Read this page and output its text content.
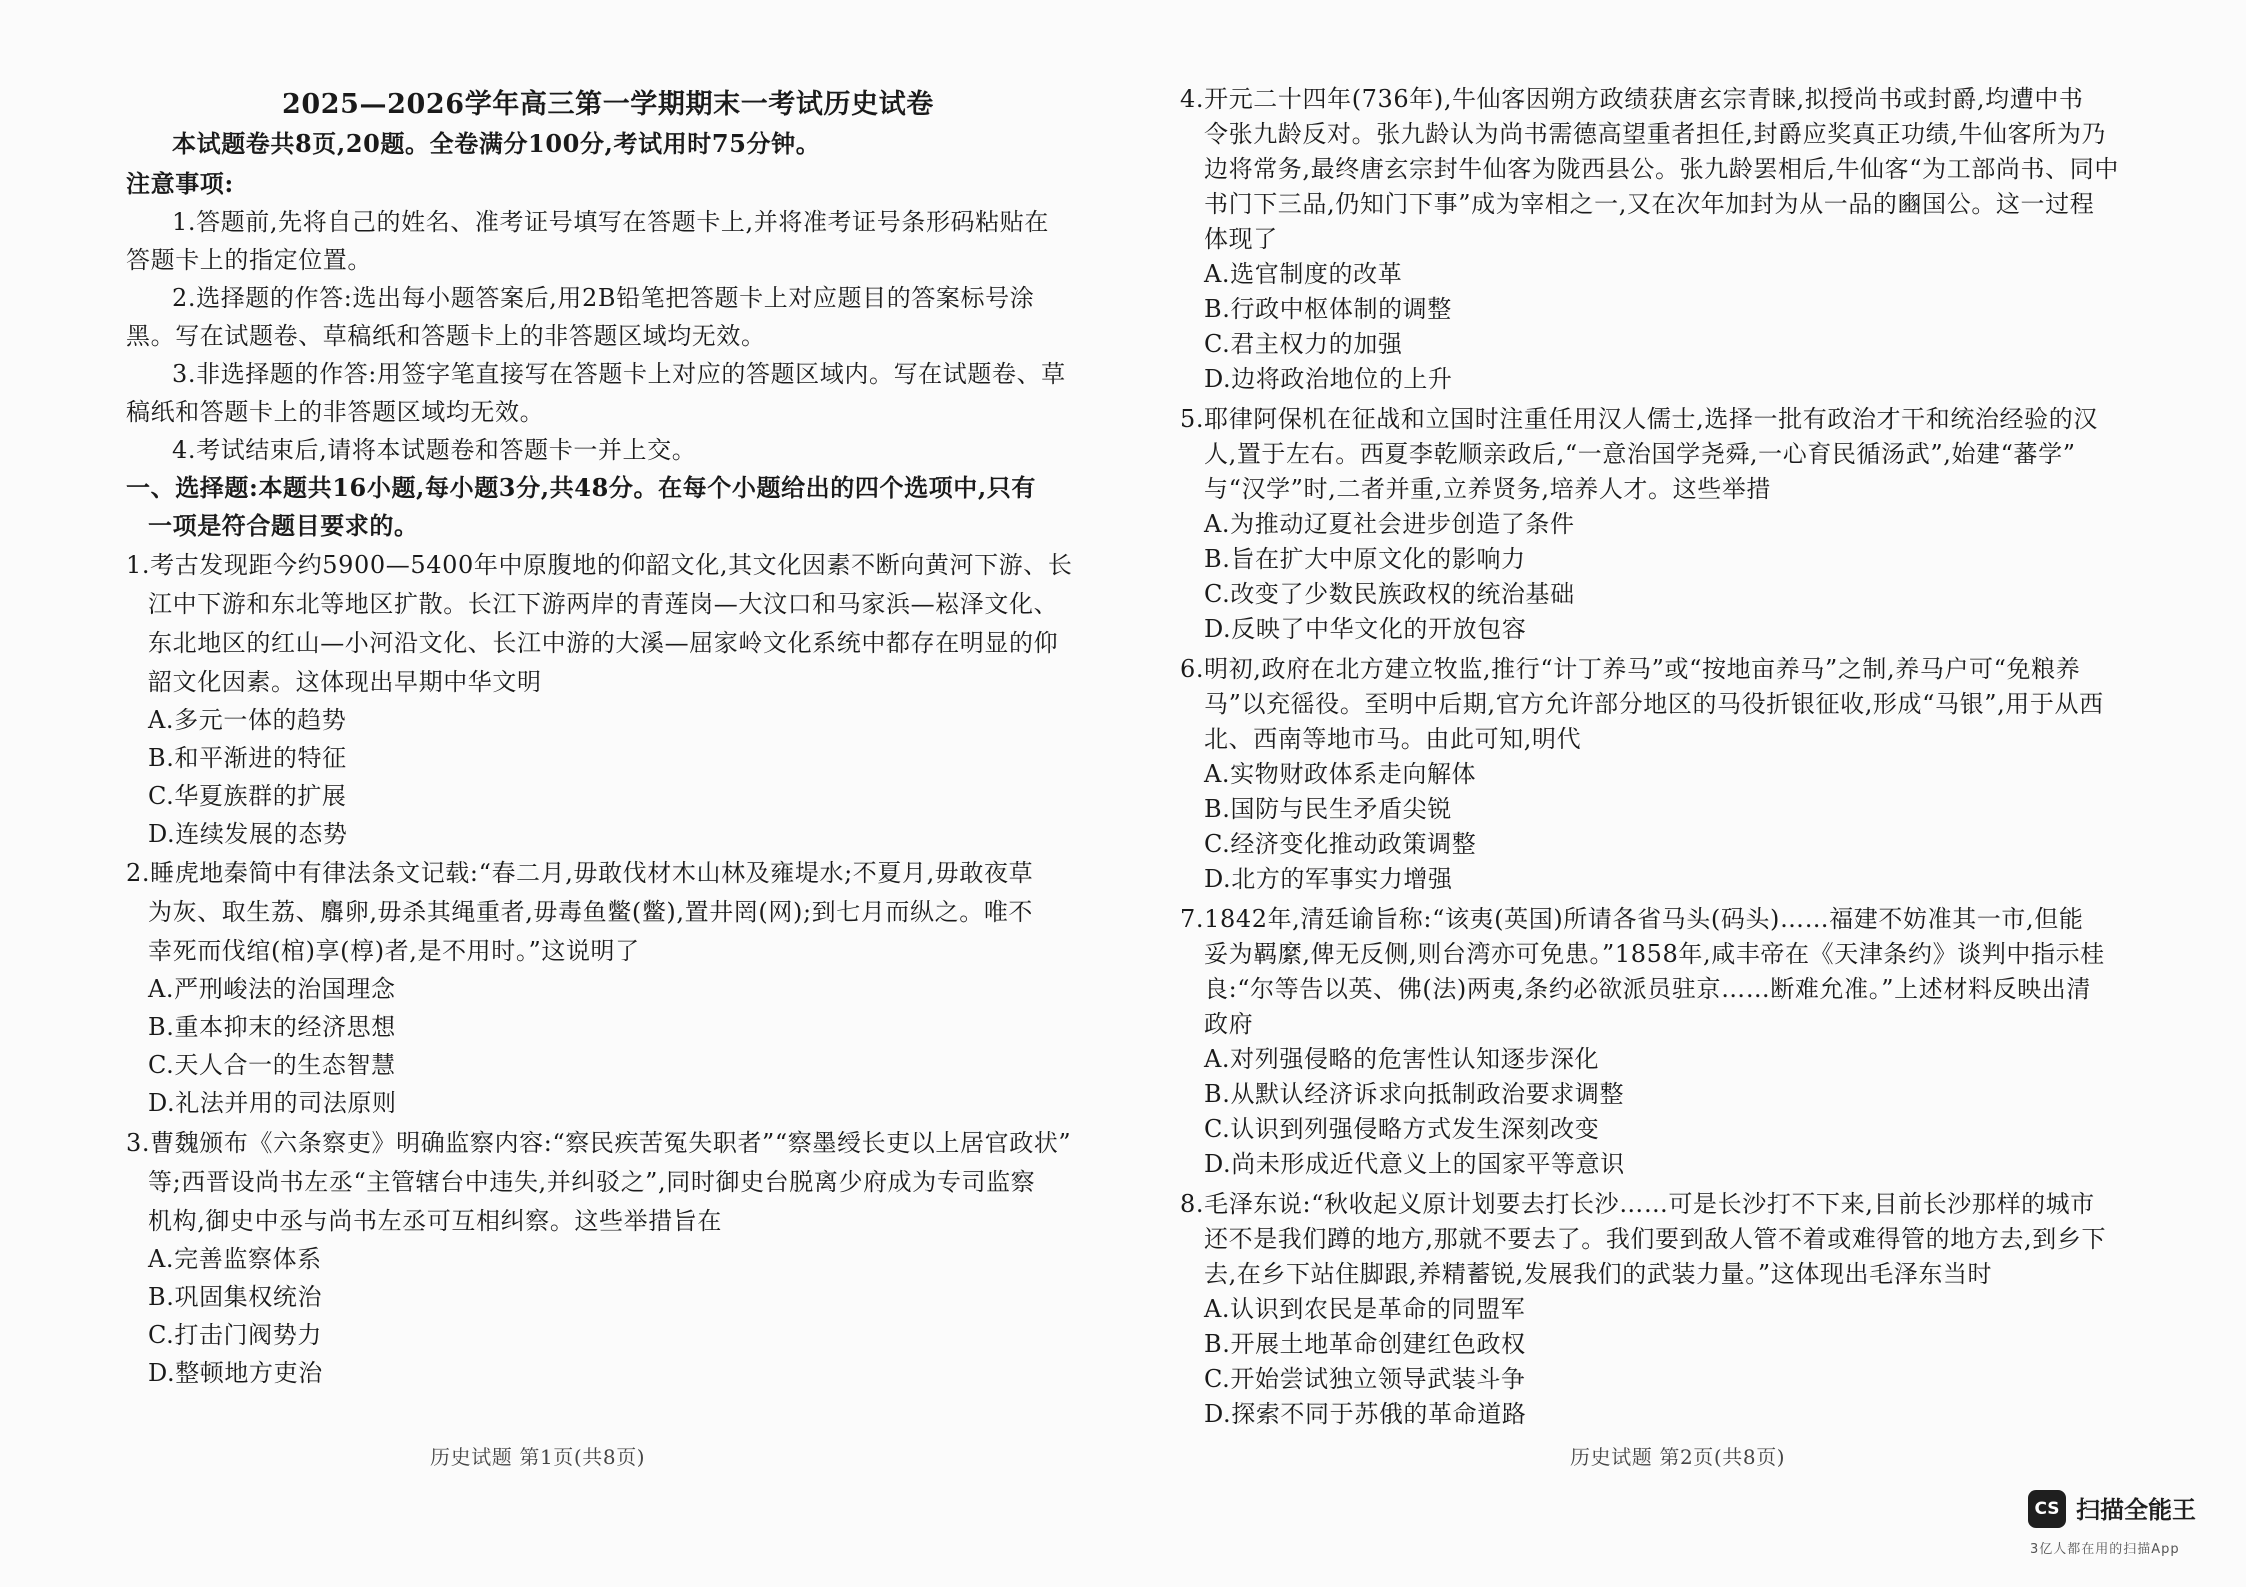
2025—2026学年高三第一学期期末一考试历史试卷
本试题卷共8页,20题。全卷满分100分,考试用时75分钟。
注意事项:
1.答题前,先将自己的姓名、准考证号填写在答题卡上,并将准考证号条形码粘贴在
答题卡上的指定位置。
2.选择题的作答:选出每小题答案后,用2B铅笔把答题卡上对应题目的答案标号涂
黑。写在试题卷、草稿纸和答题卡上的非答题区域均无效。
3.非选择题的作答:用签字笔直接写在答题卡上对应的答题区域内。写在试题卷、草
稿纸和答题卡上的非答题区域均无效。
4.考试结束后,请将本试题卷和答题卡一并上交。
一、选择题:本题共16小题,每小题3分,共48分。在每个小题给出的四个选项中,只有
一项是符合题目要求的。
1.考古发现距今约5900—5400年中原腹地的仰韶文化,其文化因素不断向黄河下游、长
江中下游和东北等地区扩散。长江下游两岸的青莲岗—大汶口和马家浜—崧泽文化、
东北地区的红山—小河沿文化、长江中游的大溪—屈家岭文化系统中都存在明显的仰
韶文化因素。这体现出早期中华文明
A.多元一体的趋势
B.和平渐进的特征
C.华夏族群的扩展
D.连续发展的态势
2.睡虎地秦简中有律法条文记载:“春二月,毋敢伐材木山林及雍堤水;不夏月,毋敢夜草
为灰、取生荔、麛卵,毋杀其绳重者,毋毒鱼鳖(鳖),置井罔(网);到七月而纵之。唯不
幸死而伐绾(棺)享(椁)者,是不用时。”这说明了
A.严刑峻法的治国理念
B.重本抑末的经济思想
C.天人合一的生态智慧
D.礼法并用的司法原则
3.曹魏颁布《六条察吏》明确监察内容:“察民疾苦冤失职者”“察墨绶长吏以上居官政状”
等;西晋设尚书左丞“主管辖台中违失,并纠驳之”,同时御史台脱离少府成为专司监察
机构,御史中丞与尚书左丞可互相纠察。这些举措旨在
A.完善监察体系
B.巩固集权统治
C.打击门阀势力
D.整顿地方吏治
历史试题 第1页(共8页)
4.开元二十四年(736年),牛仙客因朔方政绩获唐玄宗青睐,拟授尚书或封爵,均遭中书
令张九龄反对。张九龄认为尚书需德高望重者担任,封爵应奖真正功绩,牛仙客所为乃
边将常务,最终唐玄宗封牛仙客为陇西县公。张九龄罢相后,牛仙客“为工部尚书、同中
书门下三品,仍知门下事”成为宰相之一,又在次年加封为从一品的豳国公。这一过程
体现了
A.选官制度的改革
B.行政中枢体制的调整
C.君主权力的加强
D.边将政治地位的上升
5.耶律阿保机在征战和立国时注重任用汉人儒士,选择一批有政治才干和统治经验的汉
人,置于左右。西夏李乾顺亲政后,“一意治国学尧舜,一心育民循汤武”,始建“蕃学”
与“汉学”时,二者并重,立养贤务,培养人才。这些举措
A.为推动辽夏社会进步创造了条件
B.旨在扩大中原文化的影响力
C.改变了少数民族政权的统治基础
D.反映了中华文化的开放包容
6.明初,政府在北方建立牧监,推行“计丁养马”或“按地亩养马”之制,养马户可“免粮养
马”以充徭役。至明中后期,官方允许部分地区的马役折银征收,形成“马银”,用于从西
北、西南等地市马。由此可知,明代
A.实物财政体系走向解体
B.国防与民生矛盾尖锐
C.经济变化推动政策调整
D.北方的军事实力增强
7.1842年,清廷谕旨称:“该夷(英国)所请各省马头(码头)……福建不妨准其一市,但能
妥为羁縻,俾无反侧,则台湾亦可免患。”1858年,咸丰帝在《天津条约》谈判中指示桂
良:“尔等告以英、佛(法)两夷,条约必欲派员驻京……断难允准。”上述材料反映出清
政府
A.对列强侵略的危害性认知逐步深化
B.从默认经济诉求向抵制政治要求调整
C.认识到列强侵略方式发生深刻改变
D.尚未形成近代意义上的国家平等意识
8.毛泽东说:“秋收起义原计划要去打长沙……可是长沙打不下来,目前长沙那样的城市
还不是我们蹲的地方,那就不要去了。我们要到敌人管不着或难得管的地方去,到乡下
去,在乡下站住脚跟,养精蓄锐,发展我们的武装力量。”这体现出毛泽东当时
A.认识到农民是革命的同盟军
B.开展土地革命创建红色政权
C.开始尝试独立领导武装斗争
D.探索不同于苏俄的革命道路
历史试题 第2页(共8页)
CS 扫描全能王
3亿人都在用的扫描App
